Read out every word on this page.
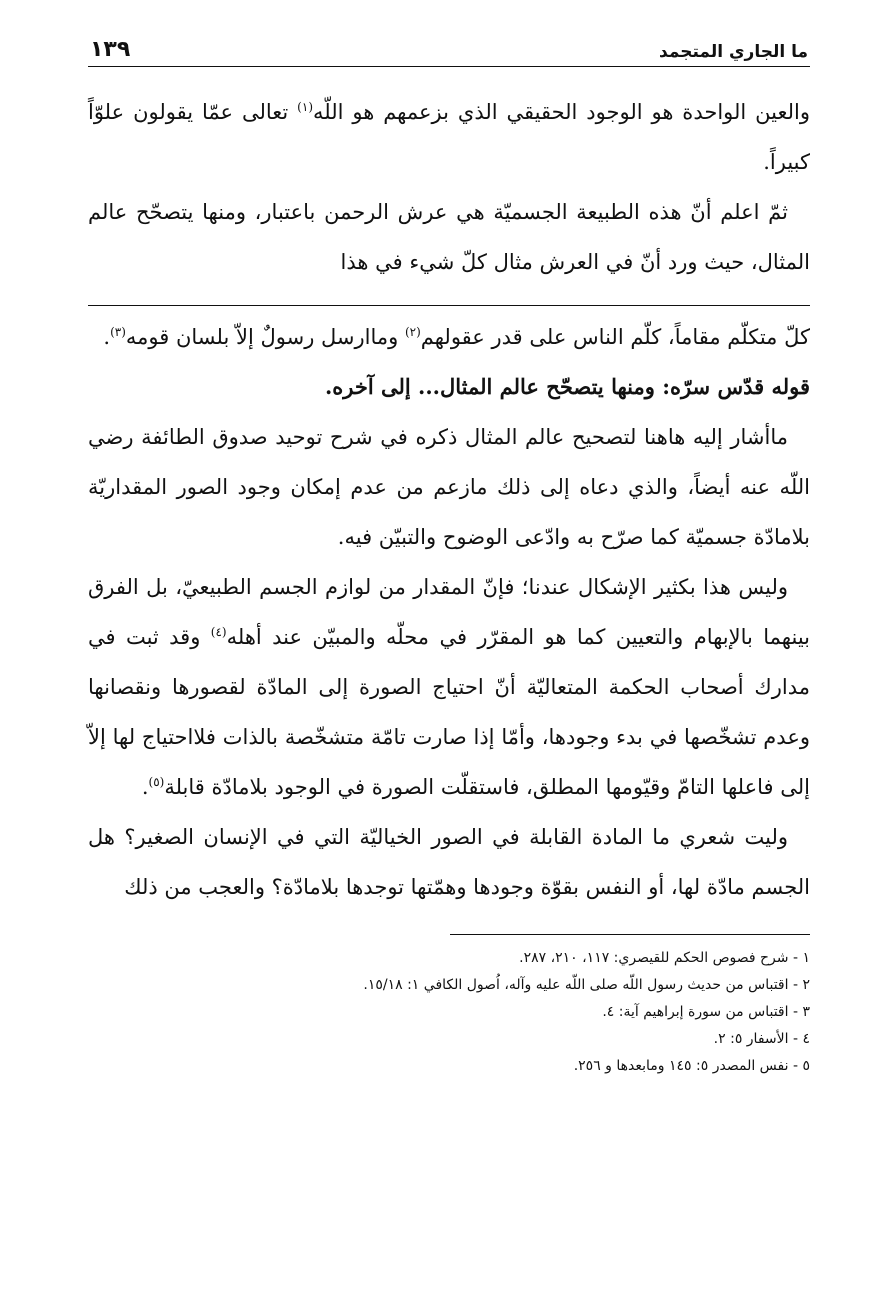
ما الجاري المتجمد
١٣٩

والعين الواحدة هو الوجود الحقيقي الذي بزعمهم هو اللّه$^{(١)}$ تعالى عمّا يقولون علوّاً كبيراً.

ثمّ اعلم أنّ هذه الطبيعة الجسميّة هي عرش الرحمن باعتبار، ومنها يتصحّح عالم المثال، حيث ورد أنّ في العرش مثال كلّ شيء في هذا

كلّ متكلّم مقاماً، كلّم الناس على قدر عقولهم$^{(٢)}$ وماارسل رسولٌ إلاّ بلسان قومه$^{(٣)}$.

قوله قدّس سرّه: ومنها يتصحّح عالم المثال... إلى آخره.

ماأشار إليه هاهنا لتصحيح عالم المثال ذكره في شرح توحيد صدوق الطائفة رضي اللّه عنه أيضاً، والذي دعاه إلى ذلك مازعم من عدم إمكان وجود الصور المقداريّة بلامادّة جسميّة كما صرّح به وادّعى الوضوح والتبيّن فيه.

وليس هذا بكثير الإشكال عندنا؛ فإنّ المقدار من لوازم الجسم الطبيعيّ، بل الفرق بينهما بالإبهام والتعيين كما هو المقرّر في محلّه والمبيّن عند أهله$^{(٤)}$ وقد ثبت في مدارك أصحاب الحكمة المتعاليّة أنّ احتياج الصورة إلى المادّة لقصورها ونقصانها وعدم تشخّصها في بدء وجودها، وأمّا إذا صارت تامّة متشخّصة بالذات فلااحتياج لها إلاّ إلى فاعلها التامّ وقيّومها المطلق، فاستقلّت الصورة في الوجود بلامادّة قابلة$^{(٥)}$.

وليت شعري ما المادة القابلة في الصور الخياليّة التي في الإنسان الصغير؟ هل الجسم مادّة لها، أو النفس بقوّة وجودها وهمّتها توجدها بلامادّة؟ والعجب من ذلك

١ - شرح فصوص الحكم للقيصري: ١١٧، ٢١٠، ٢٨٧.

٢ - اقتباس من حديث رسول اللّه صلى اللّه عليه وآله، اُصول الكافي ١: ١٥/١٨.

٣ - اقتباس من سورة إبراهيم آية: ٤.

٤ - الأسفار ٥: ٢.

٥ - نفس المصدر ٥: ١٤٥ ومابعدها و ٢٥٦.
